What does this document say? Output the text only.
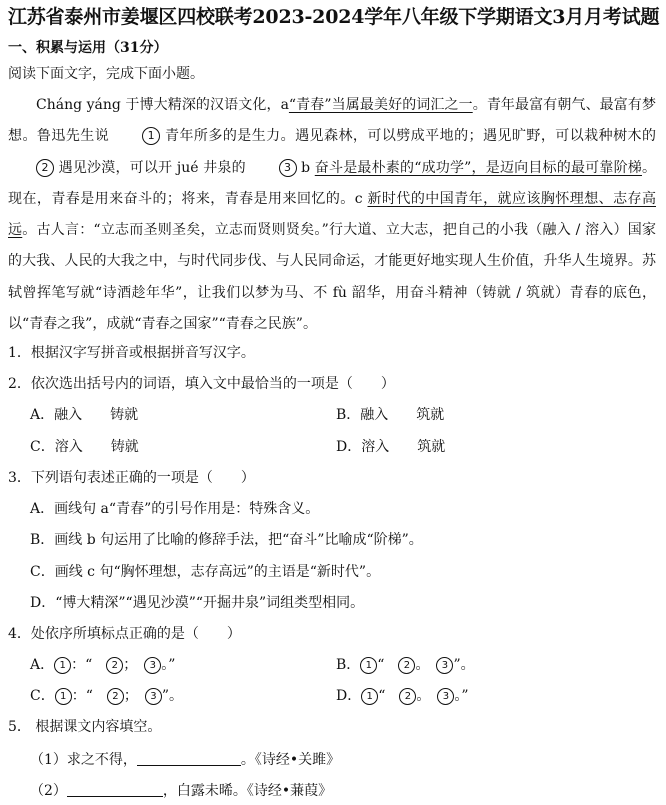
江苏省泰州市姜堰区四校联考2023-2024学年八年级下学期语文3月月考试题
一、积累与运用（31分）
阅读下面文字，完成下面小题。
Cháng yáng 于博大精深的汉语文化，a“青春”当属最美好的词汇之一。青年最富有朝气、最富有梦想。鲁迅先生说	1 青年所多的是生力。遇见森林，可以劈成平地的；遇见旷野，可以栽种树木的 2 遇见沙漠，可以开 jué 井泉的	3 b 奋斗是最朴素的“成功学”，是迈向目标的最可靠阶梯。现在，青春是用来奋斗的；将来，青春是用来回忆的。c 新时代的中国青年，就应该胸怀理想、志存高远。古人言：“立志而圣则圣矣，立志而贤则贤矣。”行大道、立大志，把自己的小我（融入 / 溶入）国家的大我、人民的大我之中，与时代同步伐、与人民同命运，才能更好地实现人生价值，升华人生境界。苏轼曾挥笔写就“诗酒趁年华”，让我们以梦为马、不 fù 韶华，用奋斗精神（铸就 / 筑就）青春的底色，以“青春之我”，成就“青春之国家”“青春之民族”。
1．根据汉字写拼音或根据拼音写汉字。
2．依次选出括号内的词语，填入文中最恰当的一项是（　　）
A．融入　　铸就	B．融入　　筑就
C．溶入　　铸就	D．溶入　　筑就
3．下列语句表述正确的一项是（　　）
A．画线句 a“青春”的引号作用是：特殊含义。
B．画线 b 句运用了比喻的修辞手法，把“奋斗”比喻成“阶梯”。
C．画线 c 句“胸怀理想，志存高远”的主语是“新时代”。
D．“博大精深”“遇见沙漠”“开掘井泉”词组类型相同。
4．处依序所填标点正确的是（　　）
A． 1 ：“　 2 ；　 3 。”	B． 1 “　 2 。　 3 ”。
C． 1 ：“　 2 ；　 3 ”。	D． 1 “　 2 。　 3 。”
5． 根据课文内容填空。
（1）求之不得，	。《诗经•关雎》
（2）	，白露未晞。《诗经•蒹葭》
